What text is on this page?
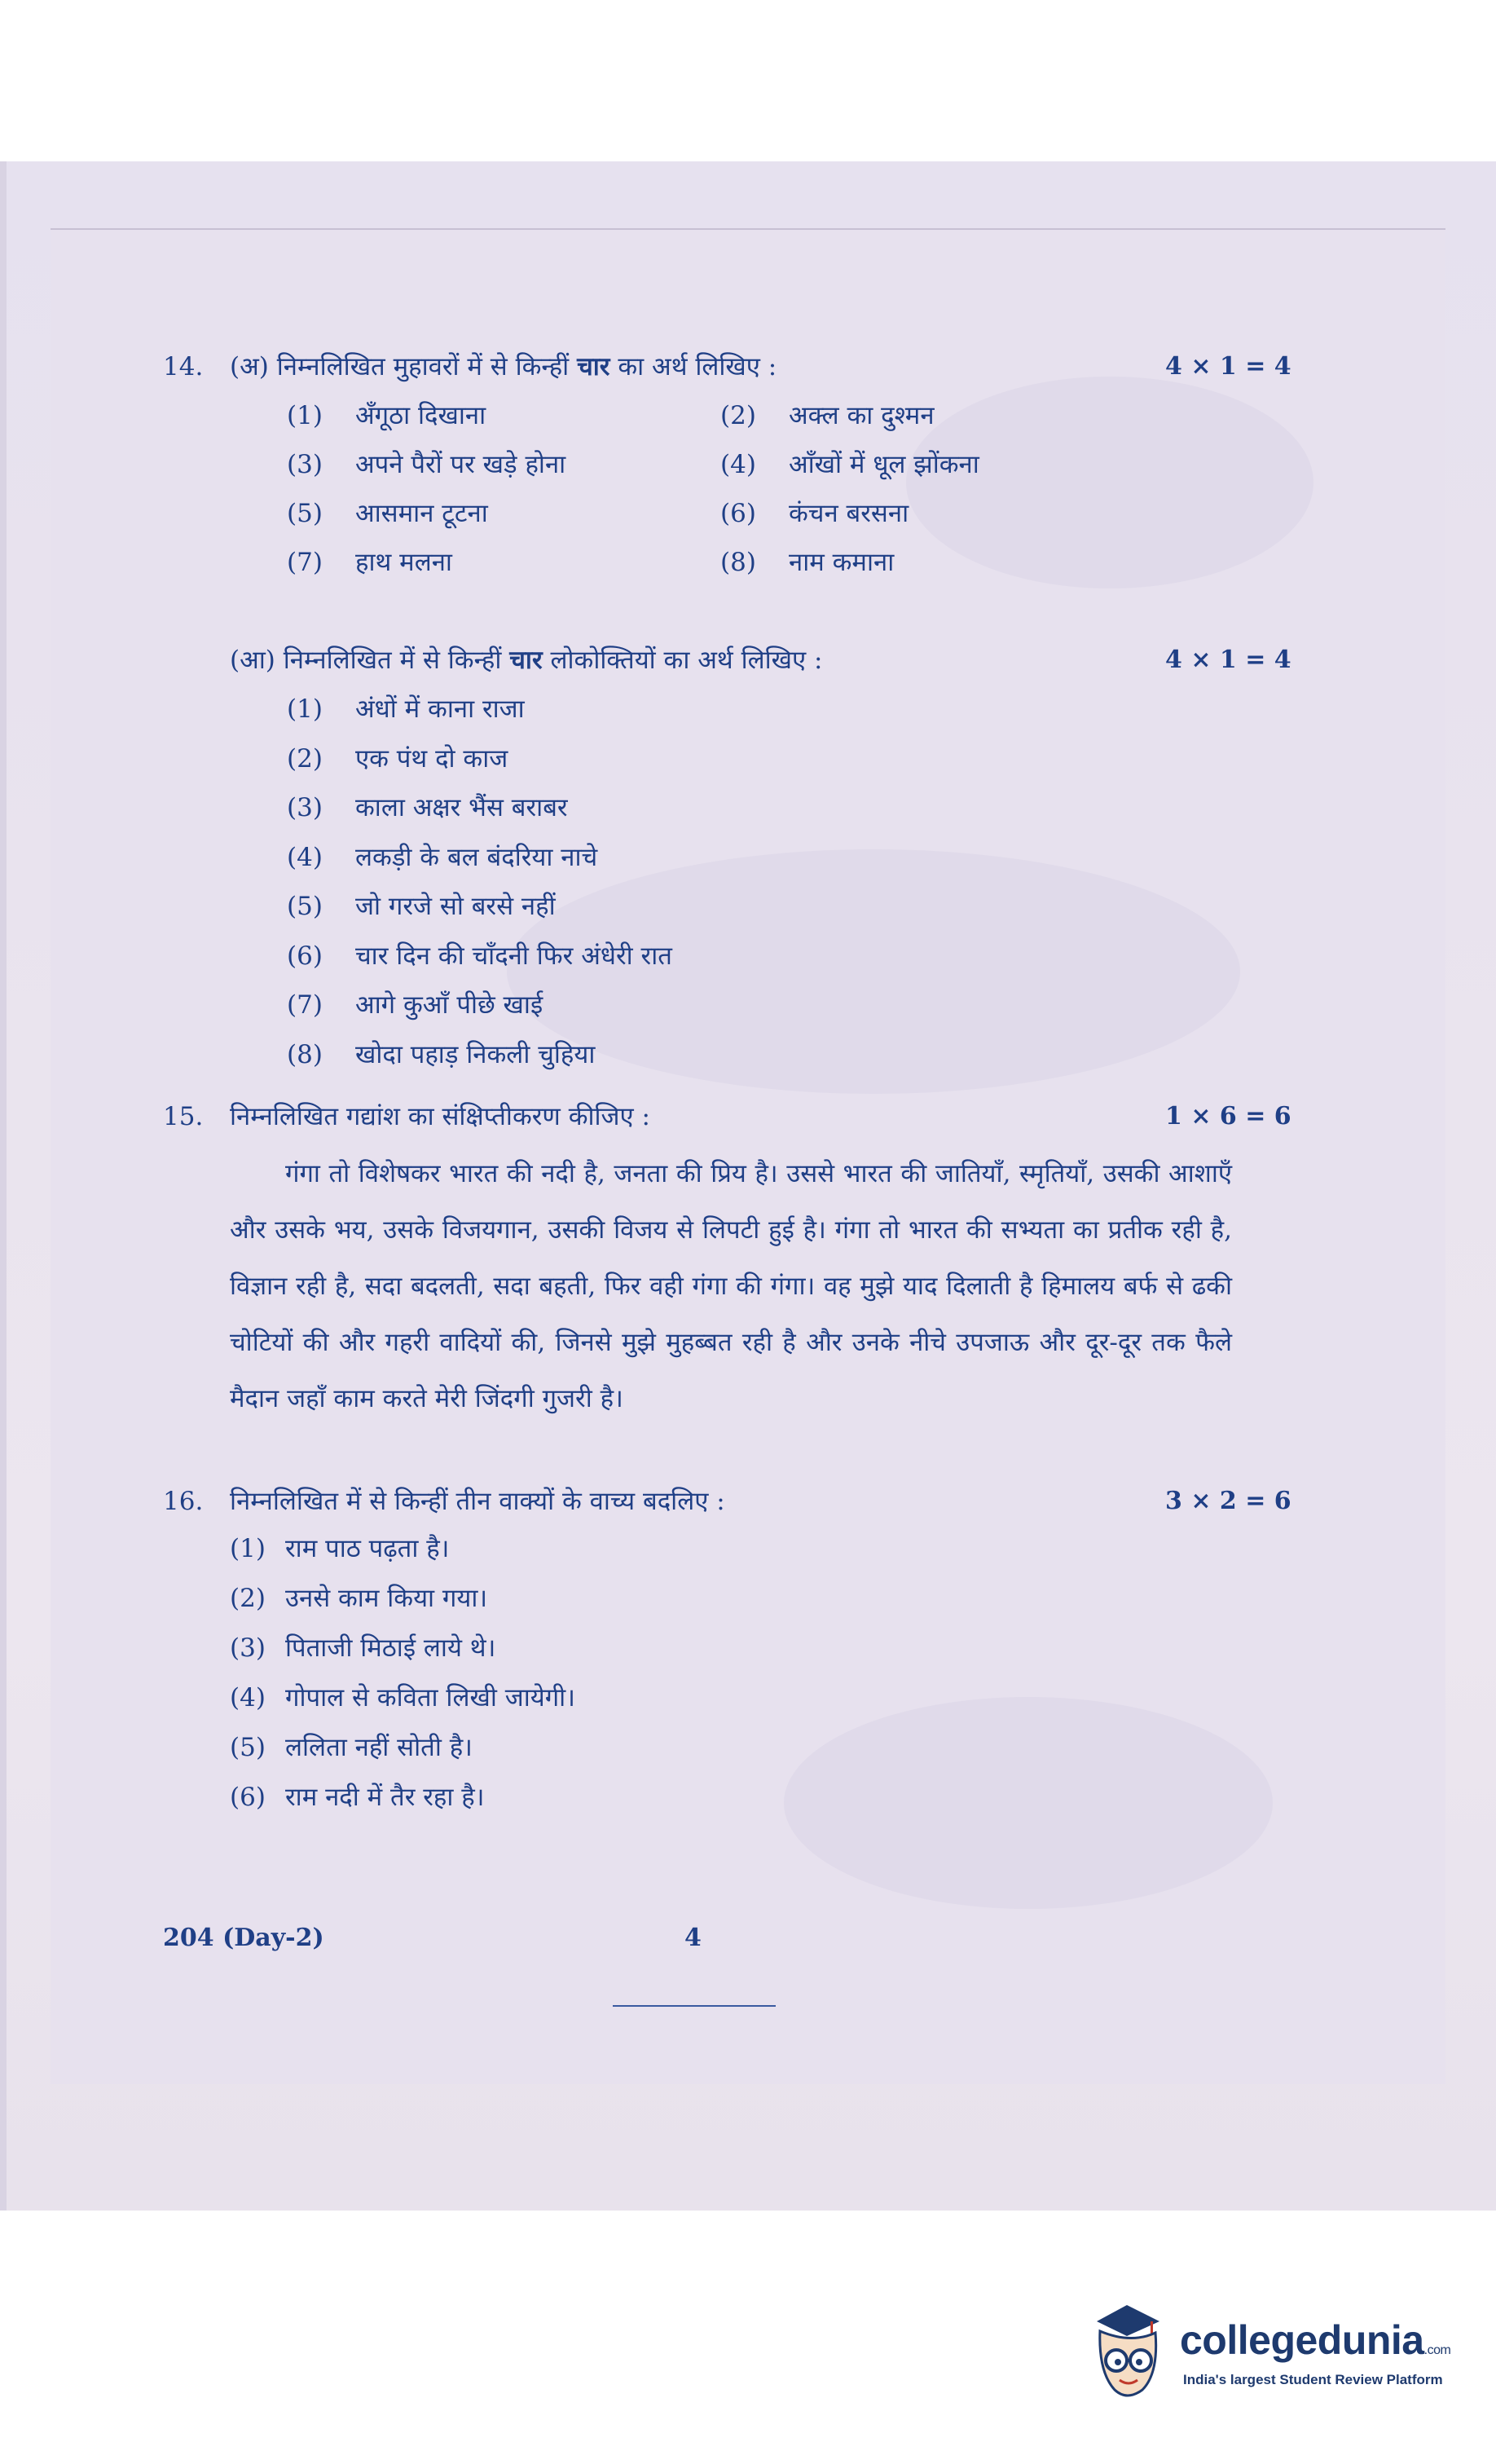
14. (अ) निम्नलिखित मुहावरों में से किन्हीं चार का अर्थ लिखिए :	4 × 1 = 4
(1) अँगूठा दिखाना	(2) अक्ल का दुश्मन
(3) अपने पैरों पर खड़े होना	(4) आँखों में धूल झोंकना
(5) आसमान टूटना	(6) कंचन बरसना
(7) हाथ मलना	(8) नाम कमाना
(आ) निम्नलिखित में से किन्हीं चार लोकोक्तियों का अर्थ लिखिए :	4 × 1 = 4
(1) अंधों में काना राजा
(2) एक पंथ दो काज
(3) काला अक्षर भैंस बराबर
(4) लकड़ी के बल बंदरिया नाचे
(5) जो गरजे सो बरसे नहीं
(6) चार दिन की चाँदनी फिर अंधेरी रात
(7) आगे कुआँ पीछे खाई
(8) खोदा पहाड़ निकली चुहिया
15. निम्नलिखित गद्यांश का संक्षिप्तीकरण कीजिए :	1 × 6 = 6
गंगा तो विशेषकर भारत की नदी है, जनता की प्रिय है। उससे भारत की जातियाँ, स्मृतियाँ, उसकी आशाएँ और उसके भय, उसके विजयगान, उसकी विजय से लिपटी हुई है। गंगा तो भारत की सभ्यता का प्रतीक रही है, विज्ञान रही है, सदा बदलती, सदा बहती, फिर वही गंगा की गंगा। वह मुझे याद दिलाती है हिमालय बर्फ से ढकी चोटियों की और गहरी वादियों की, जिनसे मुझे मुहब्बत रही है और उनके नीचे उपजाऊ और दूर-दूर तक फैले मैदान जहाँ काम करते मेरी जिंदगी गुजरी है।
16. निम्नलिखित में से किन्हीं तीन वाक्यों के वाच्य बदलिए :	3 × 2 = 6
(1) राम पाठ पढ़ता है।
(2) उनसे काम किया गया।
(3) पिताजी मिठाई लाये थे।
(4) गोपाल से कविता लिखी जायेगी।
(5) ललिता नहीं सोती है।
(6) राम नदी में तैर रहा है।
204 (Day-2)	4
collegedunia.com
India's largest Student Review Platform
